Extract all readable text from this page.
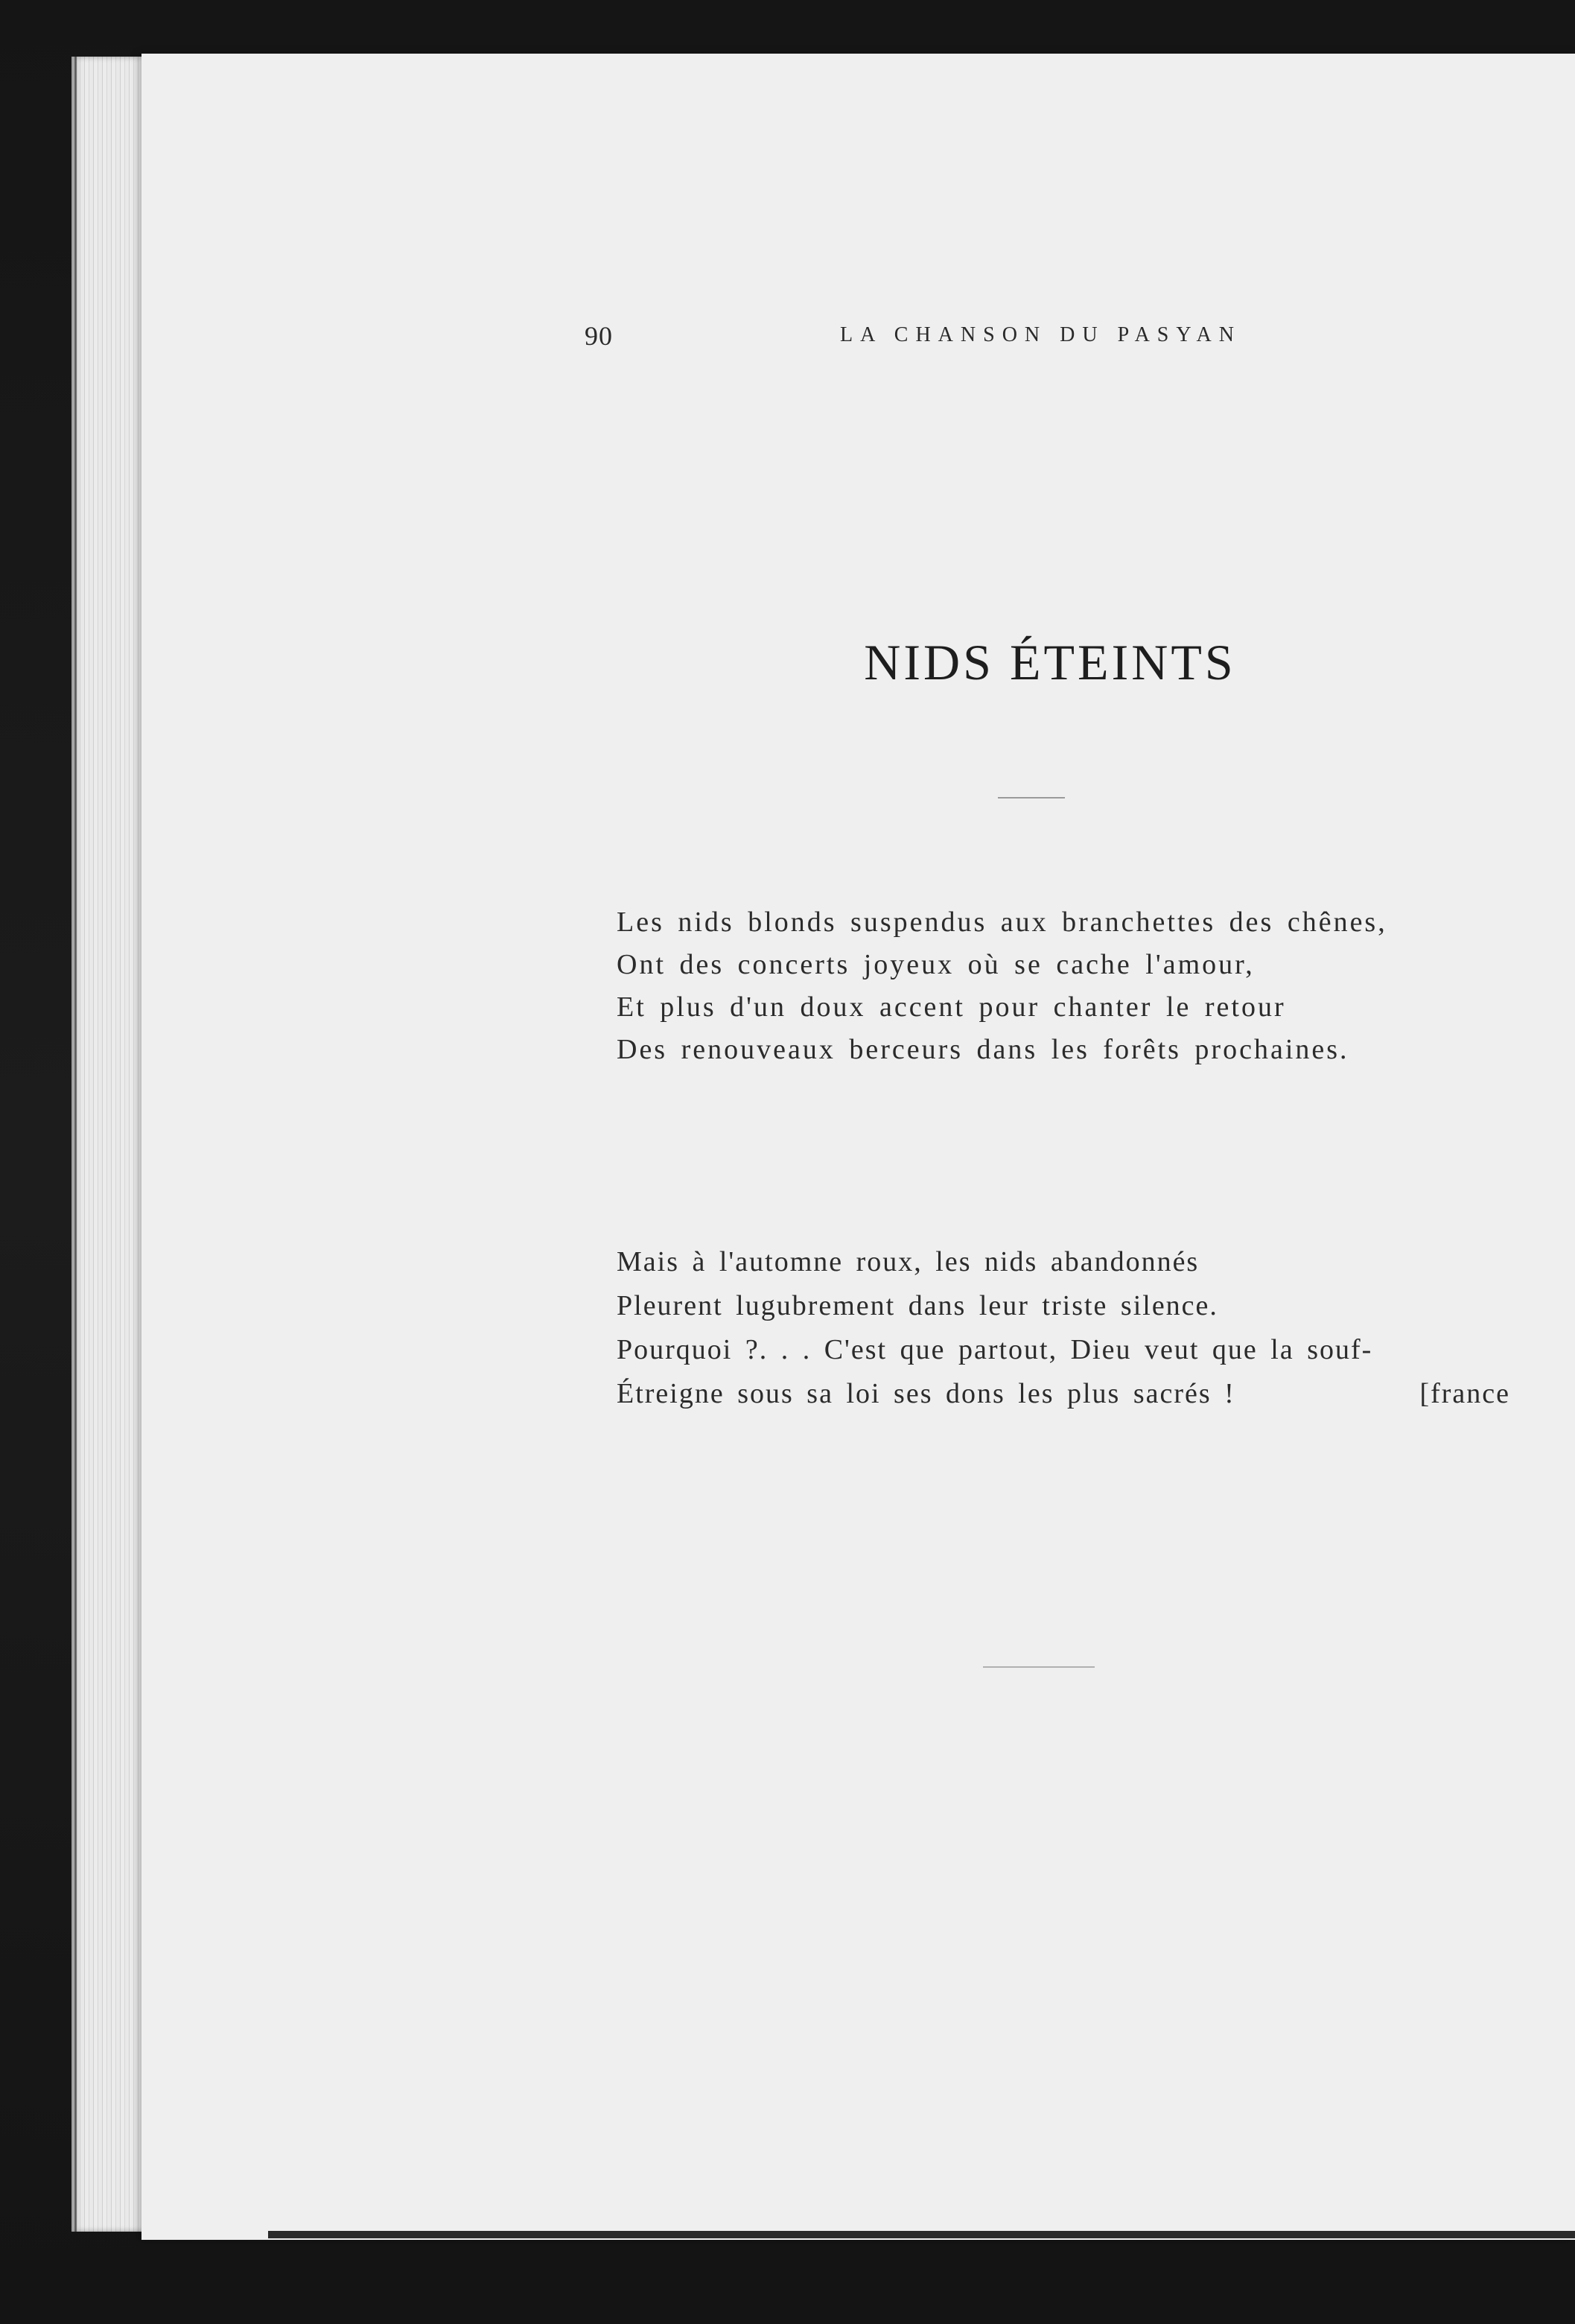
90	LA CHANSON DU PASYAN
NIDS ÉTEINTS
Les nids blonds suspendus aux branchettes des chênes,
Ont des concerts joyeux où se cache l'amour,
Et plus d'un doux accent pour chanter le retour
Des renouveaux berceurs dans les forêts prochaines.
Mais à l'automne roux, les nids abandonnés
Pleurent lugubrement dans leur triste silence.
Pourquoi ?. . . C'est que partout, Dieu veut que la souf-
Étreigne sous sa loi ses dons les plus sacrés !	[france
